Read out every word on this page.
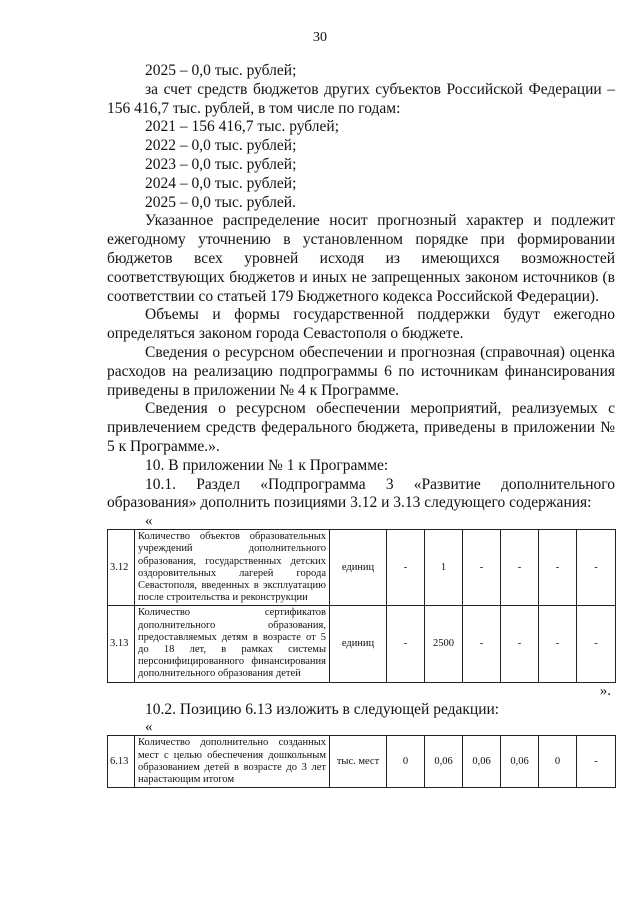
30

2025 – 0,0 тыс. рублей;

за счет средств бюджетов других субъектов Российской Федерации – 156 416,7 тыс. рублей, в том числе по годам:

2021 – 156 416,7 тыс. рублей;

2022 – 0,0 тыс. рублей;

2023 – 0,0 тыс. рублей;

2024 – 0,0 тыс. рублей;

2025 – 0,0 тыс. рублей.

Указанное распределение носит прогнозный характер и подлежит ежегодному уточнению в установленном порядке при формировании бюджетов всех уровней исходя из имеющихся возможностей соответствующих бюджетов и иных не запрещенных законом источников (в соответствии со статьей 179 Бюджетного кодекса Российской Федерации).

Объемы и формы государственной поддержки будут ежегодно определяться законом города Севастополя о бюджете.

Сведения о ресурсном обеспечении и прогнозная (справочная) оценка расходов на реализацию подпрограммы 6 по источникам финансирования приведены в приложении № 4 к Программе.

Сведения о ресурсном обеспечении мероприятий, реализуемых с привлечением средств федерального бюджета, приведены в приложении № 5 к Программе.».

10. В приложении № 1 к Программе:

10.1. Раздел «Подпрограмма 3 «Развитие дополнительного образования» дополнить позициями 3.12 и 3.13 следующего содержания:

«
3.12	Количество объектов образовательных учреждений дополнительного образования, государственных детских оздоровительных лагерей города Севастополя, введенных в эксплуатацию после строительства и реконструкции	единиц	-	1	-	-	-	-
3.13	Количество сертификатов дополнительного образования, предоставляемых детям в возрасте от 5 до 18 лет, в рамках системы персонифицированного финансирования дополнительного образования детей	единиц	-	2500	-	-	-	-
».

10.2. Позицию 6.13 изложить в следующей редакции:

«
6.13	Количество дополнительно созданных мест с целью обеспечения дошкольным образованием детей в возрасте до 3 лет нарастающим итогом	тыс. мест	0	0,06	0,06	0,06	0	-
